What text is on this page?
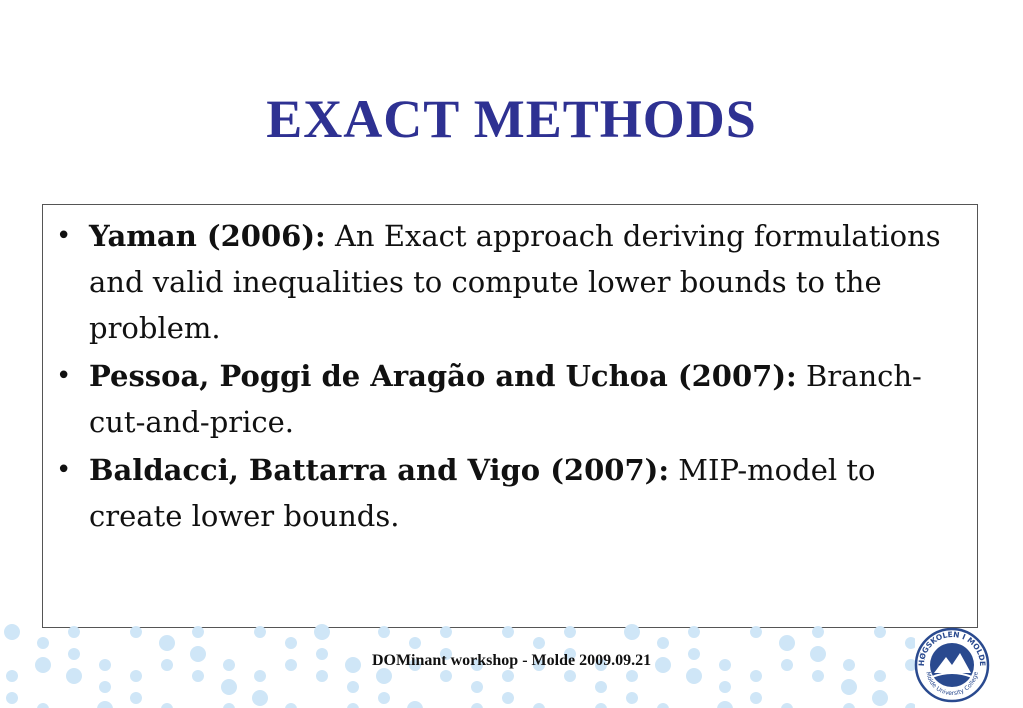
EXACT METHODS
• Yaman (2006): An Exact approach deriving formulations and valid inequalities to compute lower bounds to the problem.
• Pessoa, Poggi de Aragão and Uchoa (2007): Branch-cut-and-price.
• Baldacci, Battarra and Vigo (2007): MIP-model to create lower bounds.
DOMinant workshop - Molde 2009.09.21	HØGSKOLEN I MOLDE
Molde University College
